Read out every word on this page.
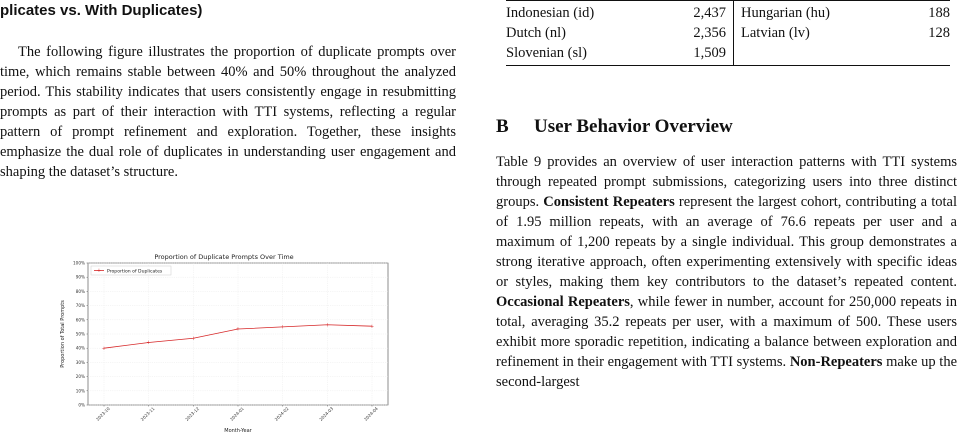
plicates vs. With Duplicates)

The following figure illustrates the proportion of duplicate prompts over time, which remains stable between 40% and 50% throughout the analyzed period. This stability indicates that users consistently engage in resubmitting prompts as part of their interaction with TTI systems, reflecting a regular pattern of prompt refinement and exploration. Together, these insights emphasize the dual role of duplicates in understanding user engagement and shaping the dataset’s structure.

Proportion of Duplicate Prompts Over Time
0%
10%
20%
30%
40%
50%
60%
70%
80%
90%
100%
2023-10	2023-11	2023-12	2024-01	2024-02	2024-03	2024-04
+
+
+
+	+	+	+
+ Proportion of Duplicates
Month-Year
Proportion of Total Prompts
Indonesian (id)	2,437 Hungarian (hu)	188
Dutch (nl)	2,356 Latvian (lv)	128
Slovenian (sl)	1,509
B User Behavior Overview

Table 9 provides an overview of user interaction patterns with TTI systems through repeated prompt submissions, categorizing users into three distinct groups. Consistent Repeaters represent the largest cohort, contributing a total of 1.95 million repeats, with an average of 76.6 repeats per user and a maximum of 1,200 repeats by a single individual. This group demonstrates a strong iterative approach, often experimenting extensively with specific ideas or styles, making them key contributors to the dataset’s repeated content. Occasional Repeaters, while fewer in number, account for 250,000 repeats in total, averaging 35.2 repeats per user, with a maximum of 500. These users exhibit more sporadic repetition, indicating a balance between exploration and refinement in their engagement with TTI systems. Non-Repeaters make up the second-largest
